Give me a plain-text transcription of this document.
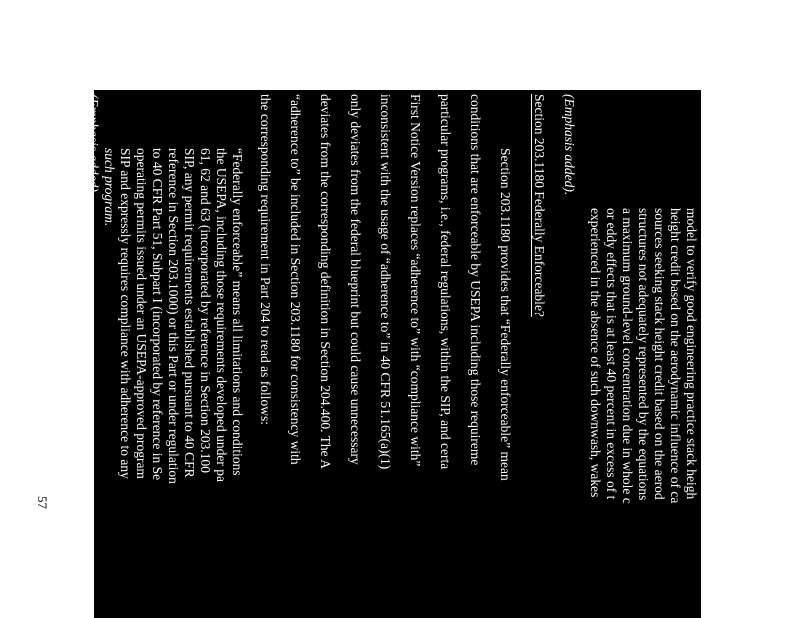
57
model to verify good engineering practice stack heigh
height credit based on the aerodynamic influence of ca
sources seeking stack height credit based on the aerod
structures not adequately represented by the equations
a maximum ground-level concentration due in whole c
or eddy effects that is at least 40 percent in excess of t
experienced in the absence of such downwash, wakes
(Emphasis added).
Section 203.1180 Federally Enforceable?
Section 203.1180 provides that “Federally enforceable” mean
conditions that are enforceable by USEPA including those requireme
particular programs, i.e., federal regulations, within the SIP, and certa
First Notice Version replaces “adherence to” with “compliance with”
inconsistent with the usage of “adherence to” in 40 CFR 51.165(a)(1)
only deviates from the federal blueprint but could cause unnecessary
deviates from the corresponding definition in Section 204.400. The A
“adherence to” be included in Section 203.1180 for consistency with
the corresponding requirement in Part 204 to read as follows:
“Federally enforceable” means all limitations and conditions
the USEPA, including those requirements developed under pa
61, 62 and 63 (incorporated by reference in Section 203.100
SIP, any permit requirements established pursuant to 40 CFR
reference in Section 203.1000) or this Part or under regulation
to 40 CFR Part 51, Subpart I (incorporated by reference in Se
operating permits issued under an USEPA-approved program
SIP and expressly requires compliance with adherence to any
such program.
(Emphasis added).
